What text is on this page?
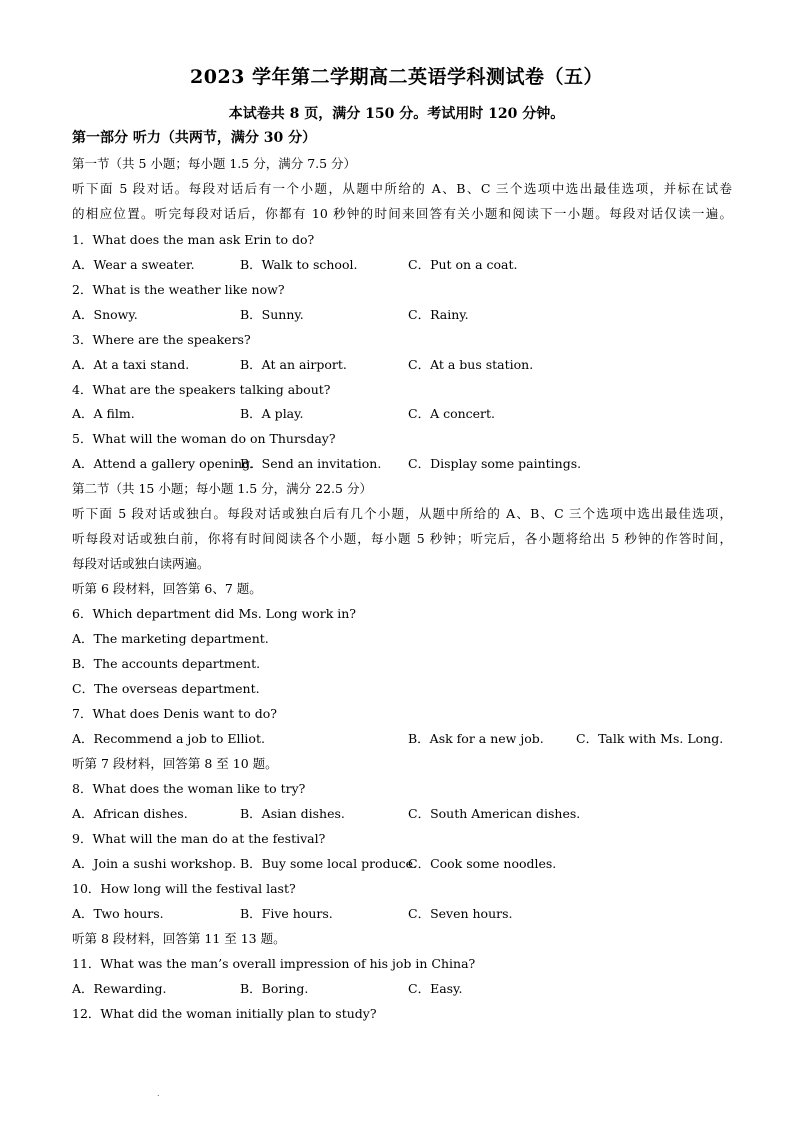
2023 学年第二学期高二英语学科测试卷（五）
本试卷共 8 页，满分 150 分。考试用时 120 分钟。
第一部分 听力（共两节，满分 30 分）
第一节（共 5 小题；每小题 1.5 分，满分 7.5 分）
听下面 5 段对话。每段对话后有一个小题，从题中所给的 A、B、C 三个选项中选出最佳选项，并标在试卷
的相应位置。听完每段对话后，你都有 10 秒钟的时间来回答有关小题和阅读下一小题。每段对话仅读一遍。
1．What does the man ask Erin to do?
A．Wear a sweater.	B．Walk to school.	C．Put on a coat.
2．What is the weather like now?
A．Snowy.	B．Sunny.	C．Rainy.
3．Where are the speakers?
A．At a taxi stand.	B．At an airport.	C．At a bus station.
4．What are the speakers talking about?
A．A film.	B．A play.	C．A concert.
5．What will the woman do on Thursday?
A．Attend a gallery opening.
B．Send an invitation. C．Display some paintings.
第二节（共 15 小题；每小题 1.5 分，满分 22.5 分）
听下面 5 段对话或独白。每段对话或独白后有几个小题，从题中所给的 A、B、C 三个选项中选出最佳选项，
听每段对话或独白前，你将有时间阅读各个小题，每小题 5 秒钟；听完后，各小题将给出 5 秒钟的作答时间，
每段对话或独白读两遍。
听第 6 段材料，回答第 6、7 题。
6．Which department did Ms. Long work in?
A．The marketing department.
B．The accounts department.
C．The overseas department.
7．What does Denis want to do?
A．Recommend a job to Elliot.	B．Ask for a new job.	C．Talk with Ms. Long.
听第 7 段材料，回答第 8 至 10 题。
8．What does the woman like to try?
A．African dishes.	B．Asian dishes.	C．South American dishes.
9．What will the man do at the festival?
A．Join a sushi workshop. B．Buy some local produce.
C．Cook some noodles.
10．How long will the festival last?
A．Two hours.	B．Five hours.	C．Seven hours.
听第 8 段材料，回答第 11 至 13 题。
11．What was the man’s overall impression of his job in China?
A．Rewarding.	B．Boring.	C．Easy.
12．What did the woman initially plan to study?
.
